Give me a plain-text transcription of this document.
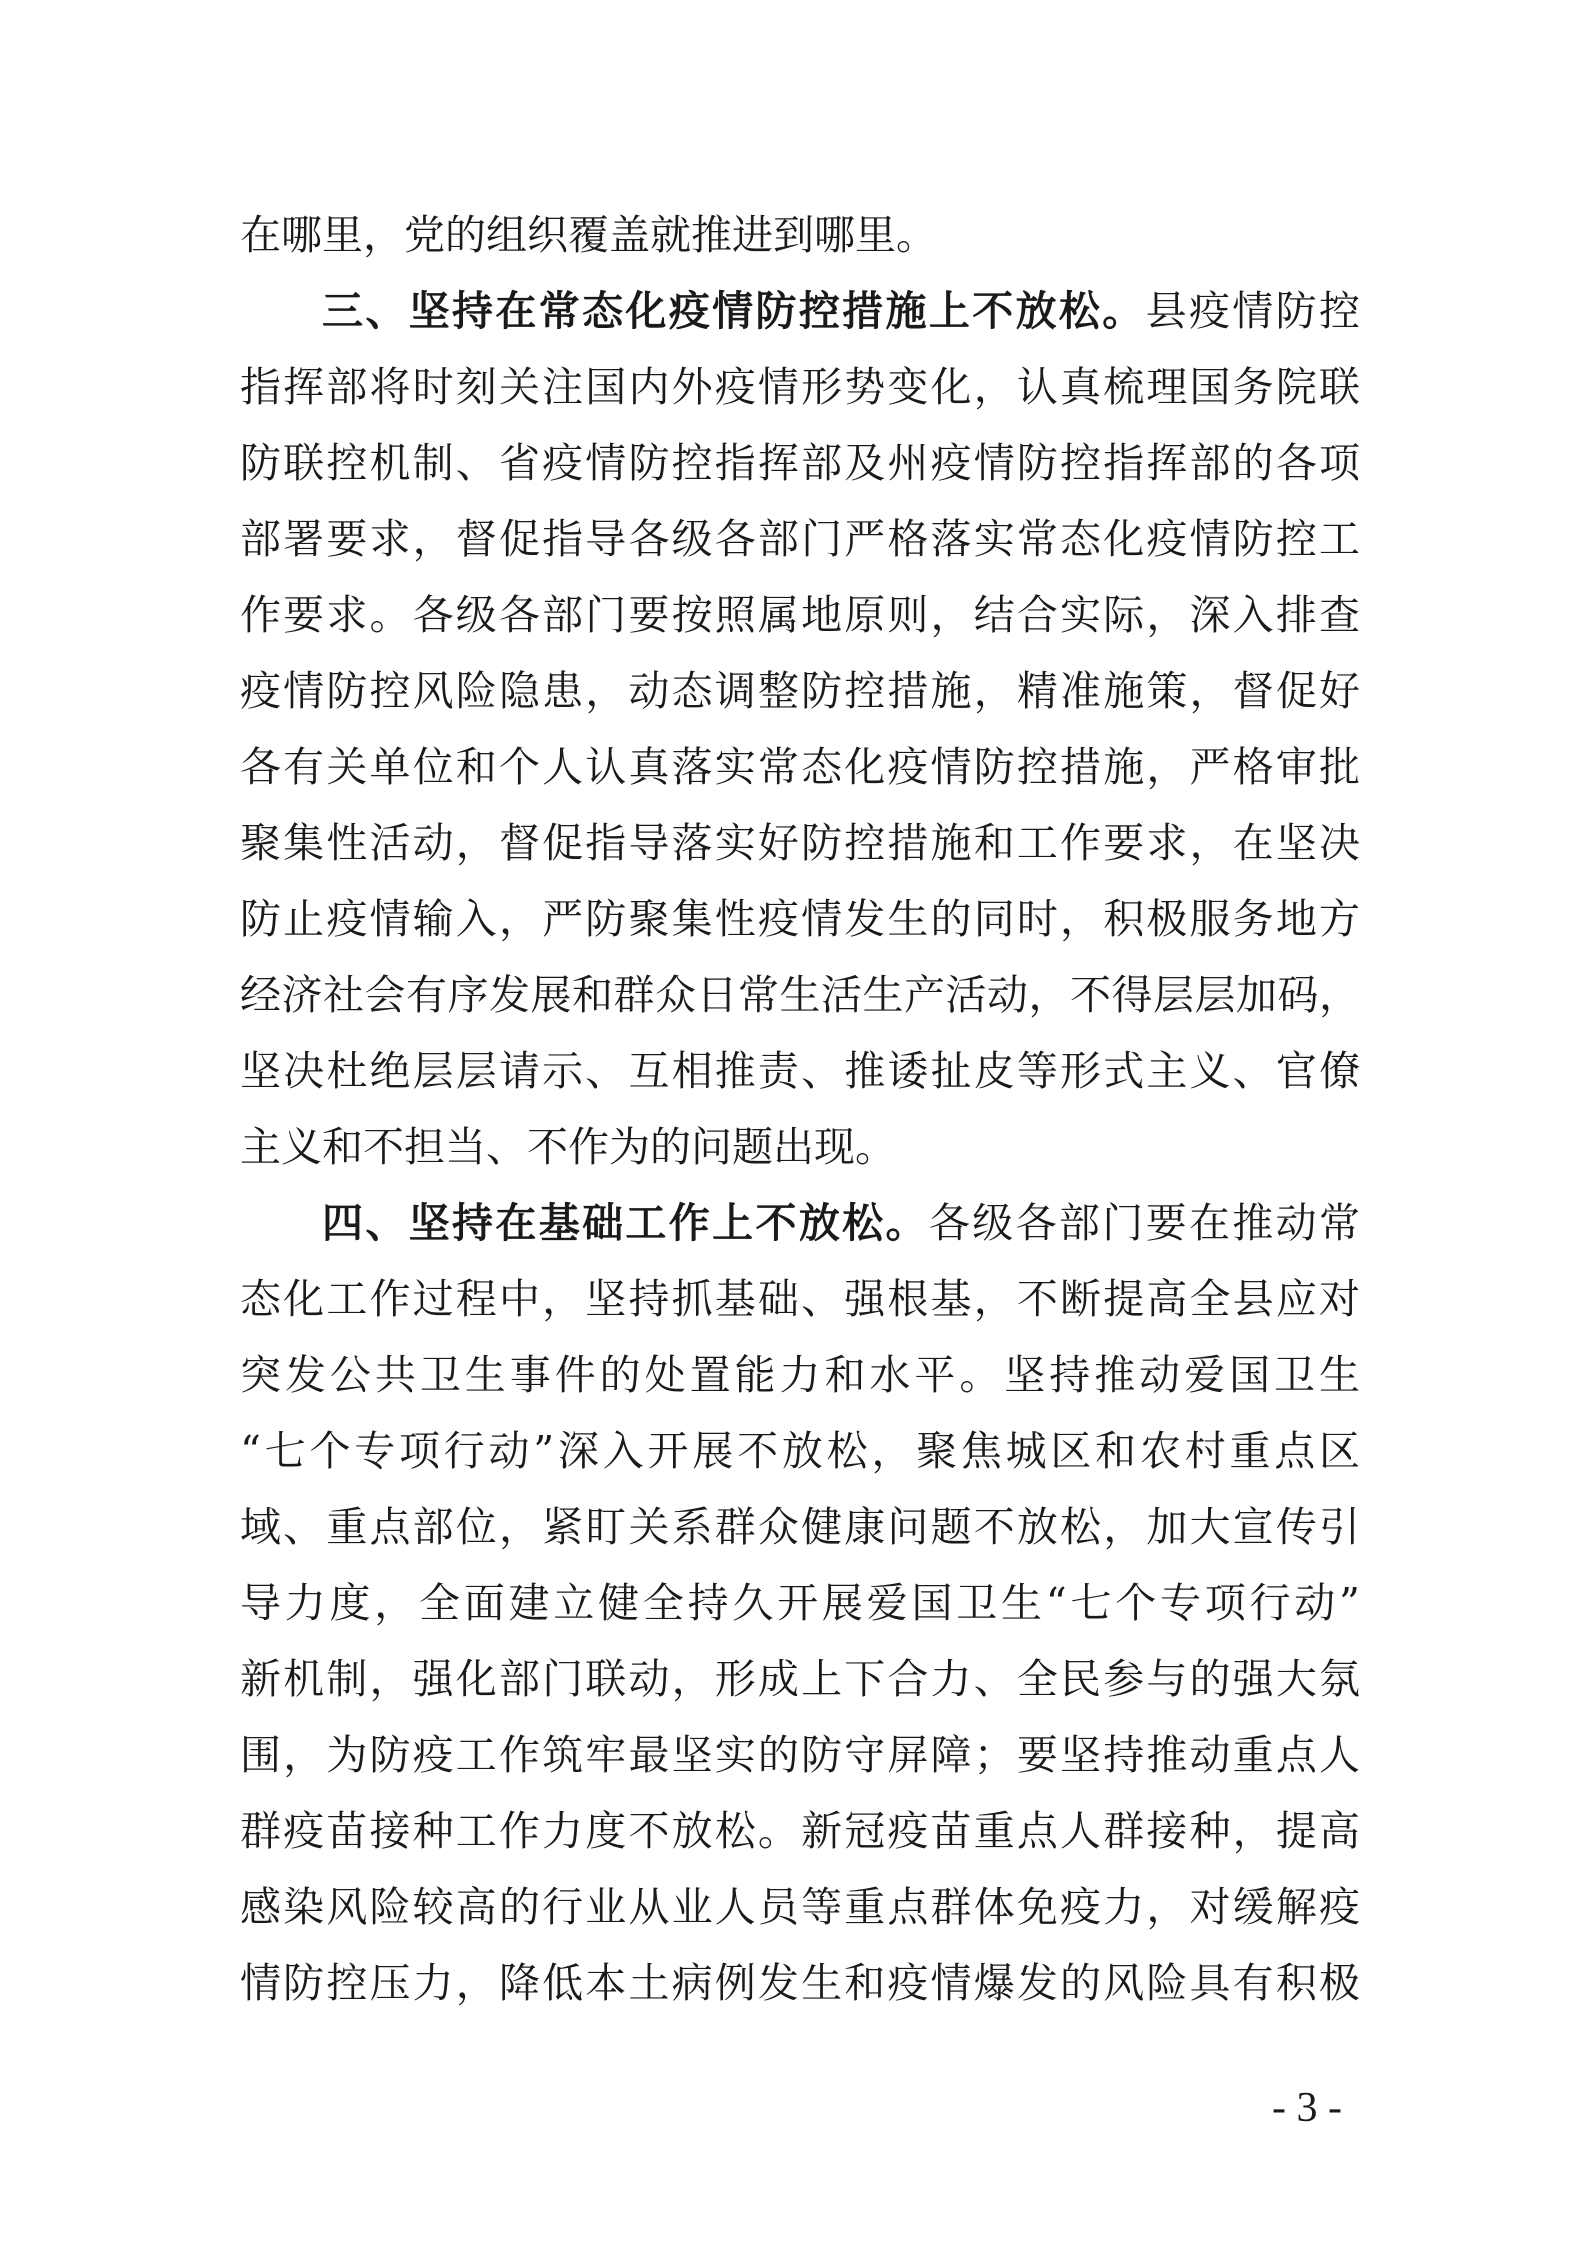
在哪里，党的组织覆盖就推进到哪里。
三、坚持在常态化疫情防控措施上不放松。县疫情防控
指挥部将时刻关注国内外疫情形势变化，认真梳理国务院联
防联控机制、省疫情防控指挥部及州疫情防控指挥部的各项
部署要求，督促指导各级各部门严格落实常态化疫情防控工
作要求。各级各部门要按照属地原则，结合实际，深入排查
疫情防控风险隐患，动态调整防控措施，精准施策，督促好
各有关单位和个人认真落实常态化疫情防控措施，严格审批
聚集性活动，督促指导落实好防控措施和工作要求，在坚决
防止疫情输入，严防聚集性疫情发生的同时，积极服务地方
经济社会有序发展和群众日常生活生产活动，不得层层加码，
坚决杜绝层层请示、互相推责、推诿扯皮等形式主义、官僚
主义和不担当、不作为的问题出现。
四、坚持在基础工作上不放松。各级各部门要在推动常
态化工作过程中，坚持抓基础、强根基，不断提高全县应对
突发公共卫生事件的处置能力和水平。坚持推动爱国卫生
“七个专项行动”深入开展不放松，聚焦城区和农村重点区
域、重点部位，紧盯关系群众健康问题不放松，加大宣传引
导力度，全面建立健全持久开展爱国卫生“七个专项行动”
新机制，强化部门联动，形成上下合力、全民参与的强大氛
围，为防疫工作筑牢最坚实的防守屏障；要坚持推动重点人
群疫苗接种工作力度不放松。新冠疫苗重点人群接种，提高
感染风险较高的行业从业人员等重点群体免疫力，对缓解疫
情防控压力，降低本土病例发生和疫情爆发的风险具有积极
- 3 -
